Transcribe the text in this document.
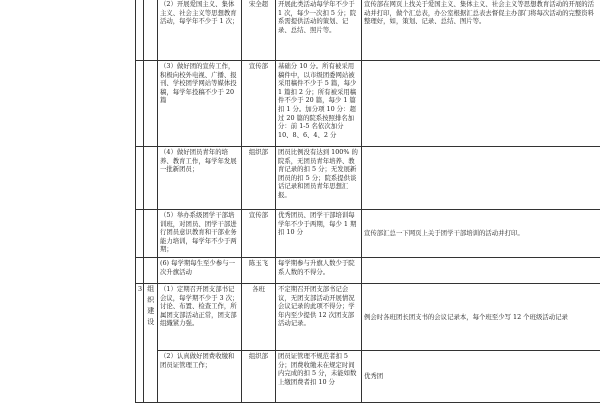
		（2）开展爱国主义、集体主义、社会主义等思想教育活动，每学年不少于 1 次；	宋全超	开展此类活动每学年不少于 1 次，每少一次扣 5 分；院系需提供活动的策划、记录、总结、照片等。	宣传部在网页上找关于爱国主义、集体主义、社会主义等思想教育活动的开展的活动并打印，做个汇总表，办公室根据汇总表去督促主办部门将每次活动的完整资料整理好，如，策划、记录、总结、图片等。
		（3）做好团的宣传工作，积极向校外电视、广播、报刊、学校团学网站等媒体投稿，每学年投稿不少于 20 篇	宣传部	基础分 10 分。所有被采用稿件中，以市级团委网站被采用稿件不少于 5 篇，每少 1 篇扣 2 分；所有被采用稿件不少于 20 篇，每少 1 篇扣 1 分。加分项 10 分：超过 20 篇的院系按照排名加分：前 1-5 名依次加分 10、8、6、4、2 分	
		（4）做好团员青年的培养、教育工作，每学年发展一批新团员；	组织部	团员比例没有达到 100% 的院系，无团员青年培养、教育记录的扣 5 分；无发展新团员的扣 5 分；院系提供谈话记录和团员青年思想汇报。	
		（5）举办系级团学干部培训班，对团员、团学干部进行团员意识教育和干部业务能力培训，每学年不少于两期；	宣传部	优秀团员、团学干部培训每学年不少于两期，每少 1 期扣 10 分	宣传部汇总一下网页上关于团学干部培训的活动并打印。
		(6) 每学期每生至少参与一次升旗活动	陈玉飞	每学期参与升旗人数少于院系人数的不得分。	
3	组织建设	（1）定期召开团支部书记会议，每学期不少于 3 次；讨论、布置、检查工作，所属团支部活动正常，团支部组織紧力强。	各班	不定期召开团支部书记会议，无团支部活动开展情况会议记录的此项不得分；学年内至少提供 12 次团支部活动记录。	例会时各班团长团支书的会议记录本，每个班至少写 12 个班级活动记录
		（2）认真做好团费收缴和团员证管理工作；	组织部	团员证管理不规范者扣 5 分；团费收缴未在规定时间内完成的扣 5 分，未能如数上缴团费者扣 10 分	优秀团
